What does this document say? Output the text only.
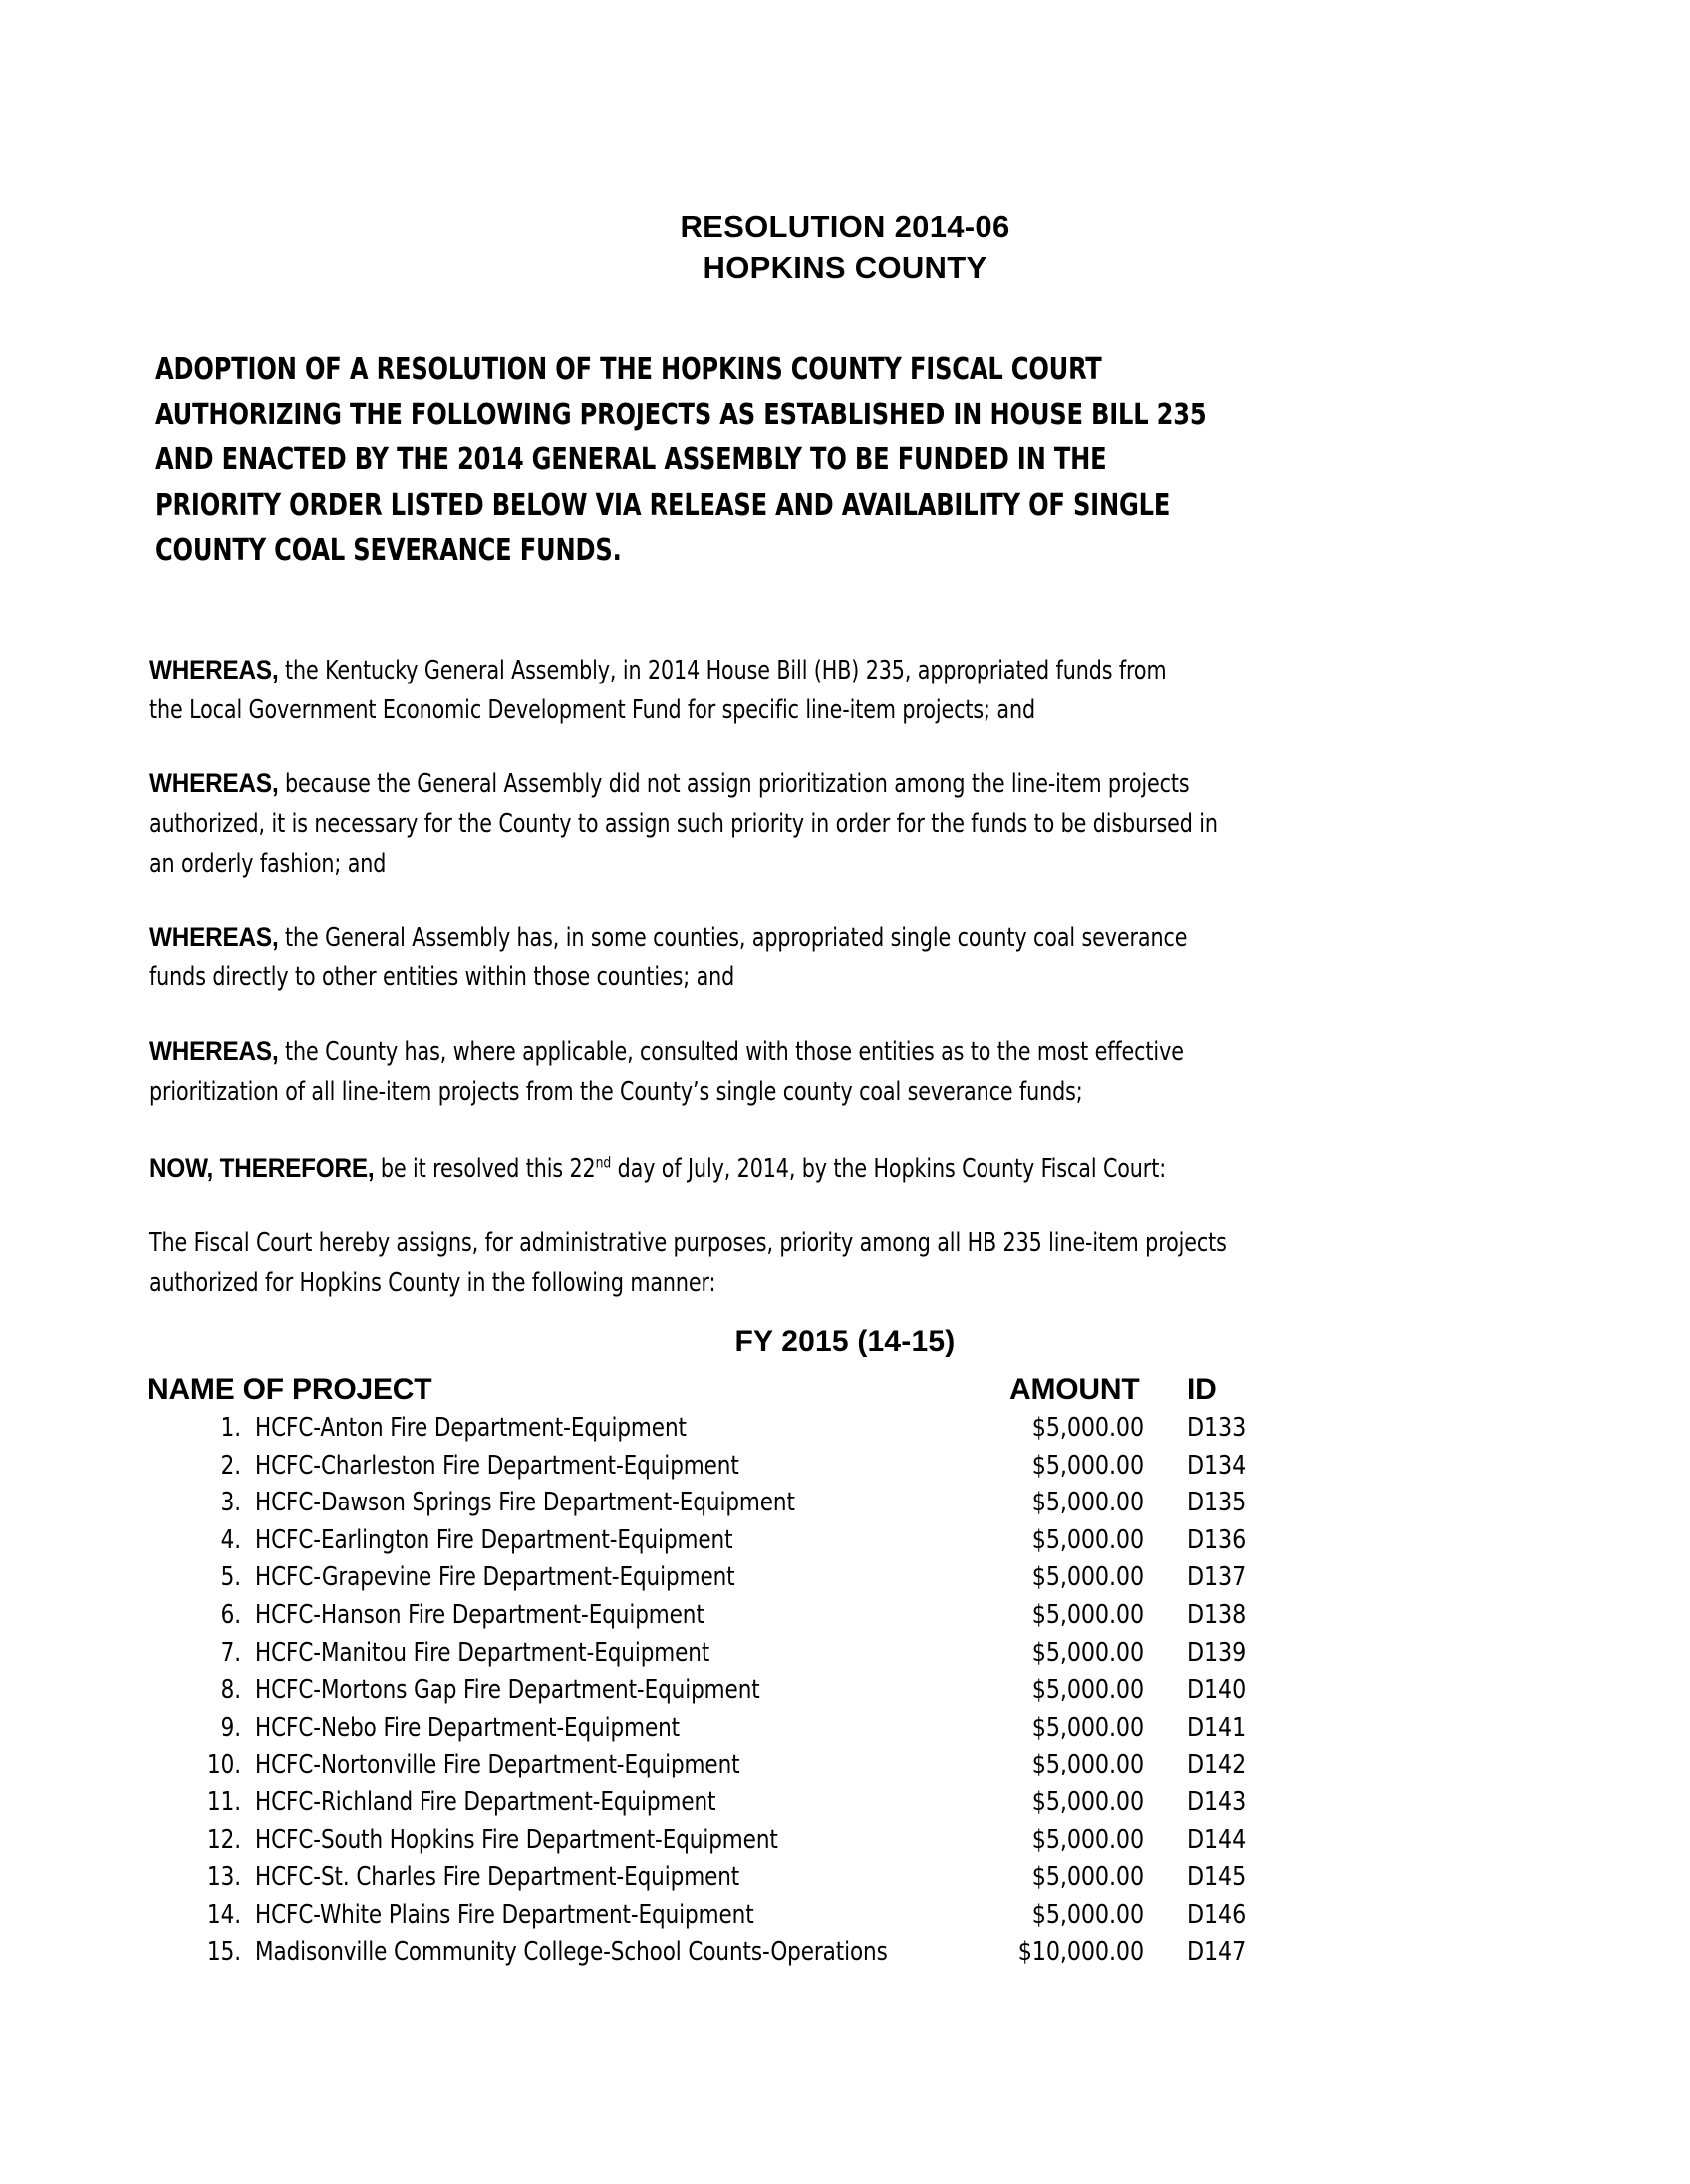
RESOLUTION 2014-06
HOPKINS COUNTY
ADOPTION OF A RESOLUTION OF THE HOPKINS COUNTY FISCAL COURT
AUTHORIZING THE FOLLOWING PROJECTS AS ESTABLISHED IN HOUSE BILL 235
AND ENACTED BY THE 2014 GENERAL ASSEMBLY TO BE FUNDED IN THE
PRIORITY ORDER LISTED BELOW VIA RELEASE AND AVAILABILITY OF SINGLE
COUNTY COAL SEVERANCE FUNDS.
WHEREAS, the Kentucky General Assembly, in 2014 House Bill (HB) 235, appropriated funds from
the Local Government Economic Development Fund for specific line-item projects; and
WHEREAS, because the General Assembly did not assign prioritization among the line-item projects
authorized, it is necessary for the County to assign such priority in order for the funds to be disbursed in
an orderly fashion; and
WHEREAS, the General Assembly has, in some counties, appropriated single county coal severance
funds directly to other entities within those counties; and
WHEREAS, the County has, where applicable, consulted with those entities as to the most effective
prioritization of all line-item projects from the County’s single county coal severance funds;
NOW, THEREFORE, be it resolved this 22nd day of July, 2014, by the Hopkins County Fiscal Court:
The Fiscal Court hereby assigns, for administrative purposes, priority among all HB 235 line-item projects
authorized for Hopkins County in the following manner:
FY 2015 (14-15)
NAME OF PROJECT	AMOUNT ID
1. HCFC-Anton Fire Department-Equipment	$5,000.00 D133
2. HCFC-Charleston Fire Department-Equipment	$5,000.00 D134
3. HCFC-Dawson Springs Fire Department-Equipment	$5,000.00 D135
4. HCFC-Earlington Fire Department-Equipment	$5,000.00 D136
5. HCFC-Grapevine Fire Department-Equipment	$5,000.00 D137
6. HCFC-Hanson Fire Department-Equipment	$5,000.00 D138
7. HCFC-Manitou Fire Department-Equipment	$5,000.00 D139
8. HCFC-Mortons Gap Fire Department-Equipment	$5,000.00 D140
9. HCFC-Nebo Fire Department-Equipment	$5,000.00 D141
10. HCFC-Nortonville Fire Department-Equipment	$5,000.00 D142
11. HCFC-Richland Fire Department-Equipment	$5,000.00 D143
12. HCFC-South Hopkins Fire Department-Equipment	$5,000.00 D144
13. HCFC-St. Charles Fire Department-Equipment	$5,000.00 D145
14. HCFC-White Plains Fire Department-Equipment	$5,000.00 D146
15. Madisonville Community College-School Counts-Operations	$10,000.00 D147
